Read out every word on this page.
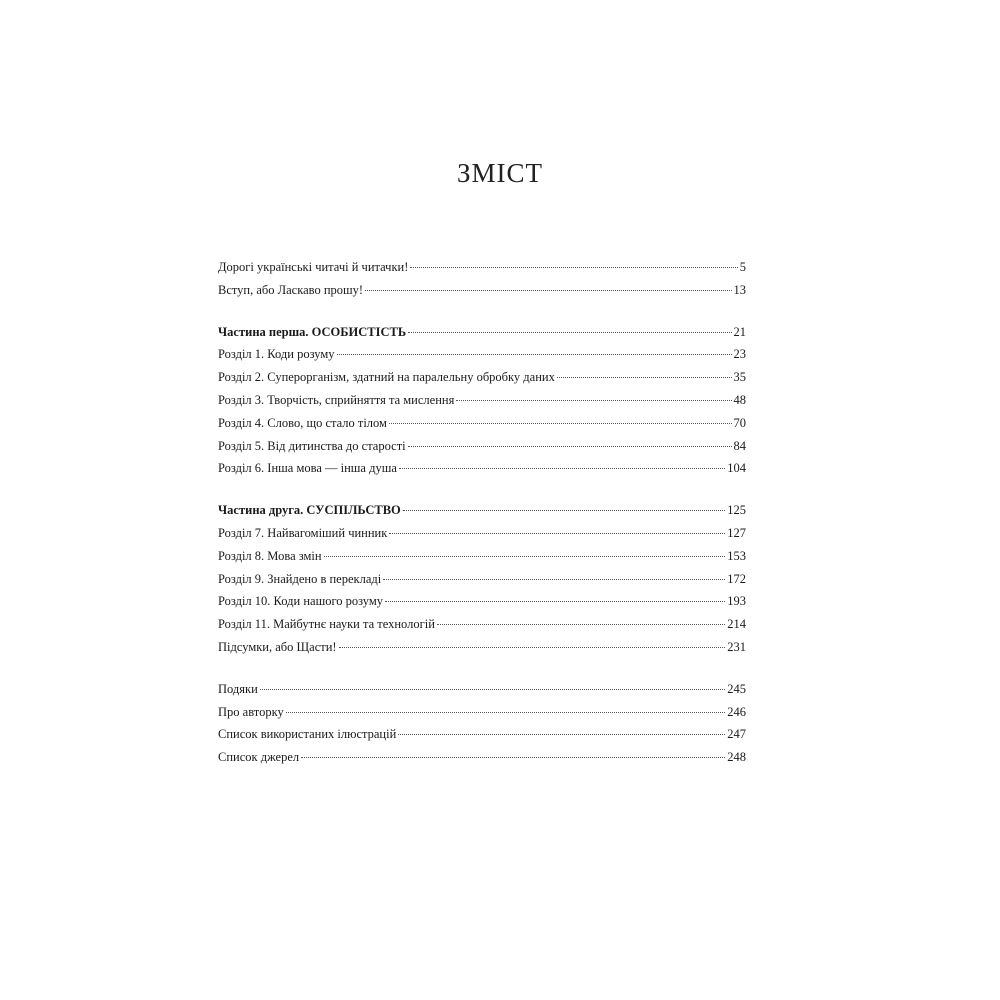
ЗМІСТ
Дорогі українські читачі й читачки!	5
Вступ, або Ласкаво прошу!	13
Частина перша. ОСОБИСТІСТЬ	21
Розділ 1. Коди розуму	23
Розділ 2. Суперорганізм, здатний на паралельну обробку даних	35
Розділ 3. Творчість, сприйняття та мислення	48
Розділ 4. Слово, що стало тілом	70
Розділ 5. Від дитинства до старості	84
Розділ 6. Інша мова — інша душа	104
Частина друга. СУСПІЛЬСТВО	125
Розділ 7. Найвагоміший чинник	127
Розділ 8. Мова змін	153
Розділ 9. Знайдено в перекладі	172
Розділ 10. Коди нашого розуму	193
Розділ 11. Майбутнє науки та технологій	214
Підсумки, або Щасти!	231
Подяки	245
Про авторку	246
Список використаних ілюстрацій	247
Список джерел	248
